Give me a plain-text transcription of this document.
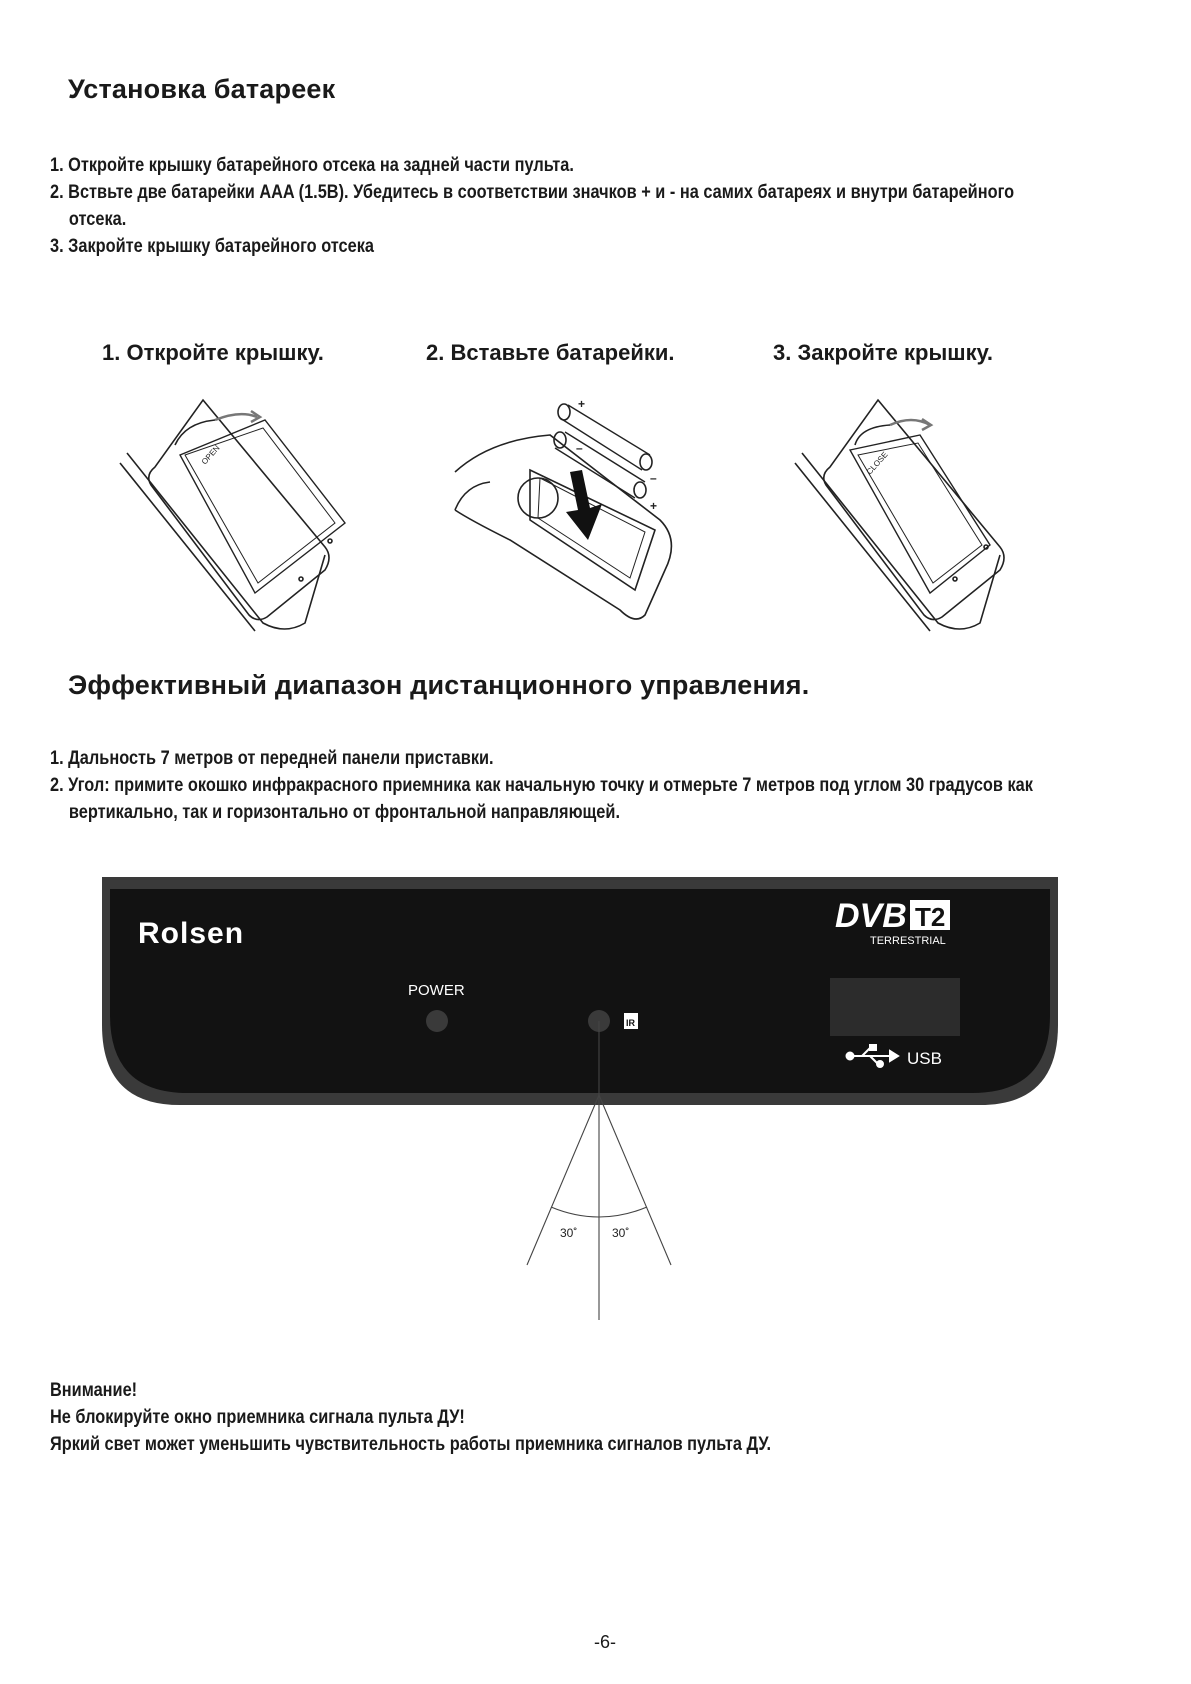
Установка батареек
1. Откройте крышку батарейного отсека на задней части пульта.
2. Вствьте две батарейки AAA (1.5В). Убедитесь в соответствии значков + и - на самих батареях и внутри батарейного
отсека.
3. Закройте крышку батарейного отсека
1. Откройте крышку.	2. Вставьте батарейки.	3. Закройте крышку.
OPEN
+
+
–
–
CLOSE
Эффективный диапазон дистанционного управления.
1. Дальность 7 метров от передней панели приставки.
2. Угол: примите окошко инфракрасного приемника как начальную точку и отмерьте 7 метров под углом 30 градусов как
вертикально, так и горизонтально от фронтальной направляющей.
Rolsen	DVB T2
TERRESTRIAL
POWER
IR
USB
30˚	30˚
Внимание!
Не блокируйте окно приемника сигнала пульта ДУ!
Яркий свет может уменьшить чувствительность работы приемника сигналов пульта ДУ.
-6-
